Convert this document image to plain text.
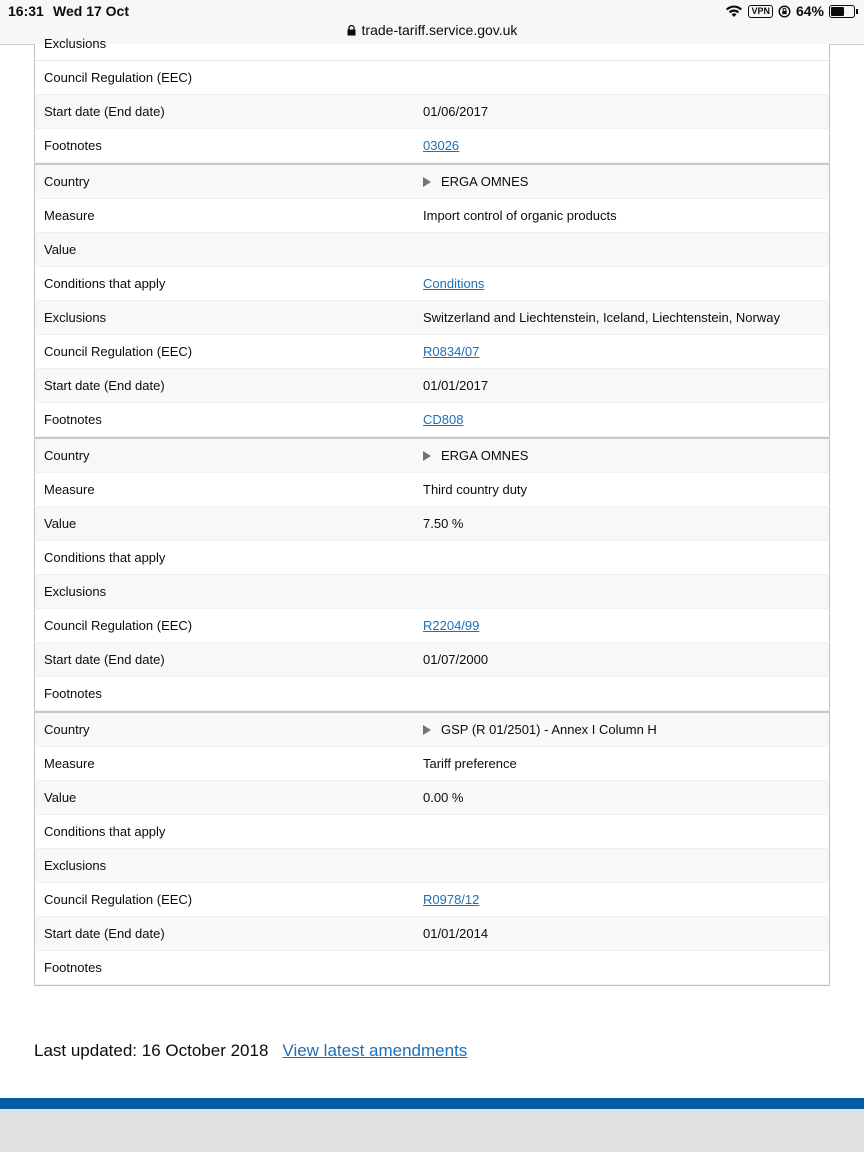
16:31 Wed 17 Oct	VPN 64%
trade-tariff.service.gov.uk
Exclusions
Council Regulation (EEC)
Start date (End date)	01/06/2017
Footnotes	03026
Country	ERGA OMNES
Measure	Import control of organic products
Value
Conditions that apply	Conditions
Exclusions	Switzerland and Liechtenstein, Iceland, Liechtenstein, Norway
Council Regulation (EEC)	R0834/07
Start date (End date)	01/01/2017
Footnotes	CD808
Country	ERGA OMNES
Measure	Third country duty
Value	7.50 %
Conditions that apply
Exclusions
Council Regulation (EEC)	R2204/99
Start date (End date)	01/07/2000
Footnotes
Country	GSP (R 01/2501) - Annex I Column H
Measure	Tariff preference
Value	0.00 %
Conditions that apply
Exclusions
Council Regulation (EEC)	R0978/12
Start date (End date)	01/01/2014
Footnotes
Last updated: 16 October 2018 View latest amendments
